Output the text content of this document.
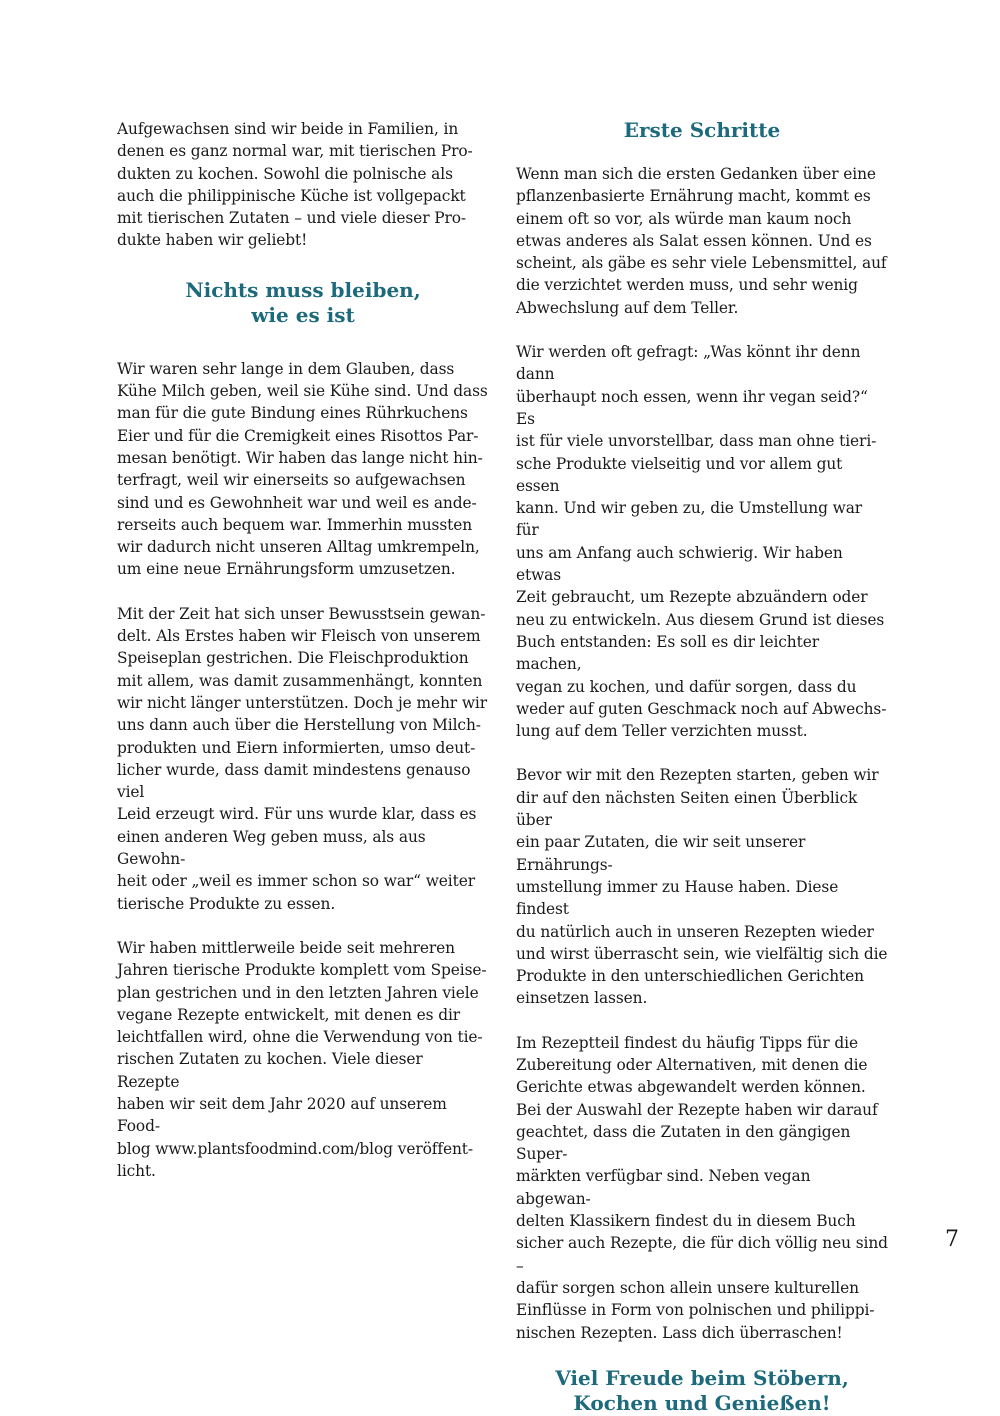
Aufgewachsen sind wir beide in Familien, in
denen es ganz normal war, mit tierischen Pro-
dukten zu kochen. Sowohl die polnische als
auch die philippinische Küche ist vollgepackt
mit tierischen Zutaten – und viele dieser Pro-
dukte haben wir geliebt!

Nichts muss bleiben,
wie es ist

Wir waren sehr lange in dem Glauben, dass
Kühe Milch geben, weil sie Kühe sind. Und dass
man für die gute Bindung eines Rührkuchens
Eier und für die Cremigkeit eines Risottos Par-
mesan benötigt. Wir haben das lange nicht hin-
terfragt, weil wir einerseits so aufgewachsen
sind und es Gewohnheit war und weil es ande-
rerseits auch bequem war. Immerhin mussten
wir dadurch nicht unseren Alltag umkrempeln,
um eine neue Ernährungsform umzusetzen.

Mit der Zeit hat sich unser Bewusstsein gewan-
delt. Als Erstes haben wir Fleisch von unserem
Speiseplan gestrichen. Die Fleischproduktion
mit allem, was damit zusammenhängt, konnten
wir nicht länger unterstützen. Doch je mehr wir
uns dann auch über die Herstellung von Milch-
produkten und Eiern informierten, umso deut-
licher wurde, dass damit mindestens genauso viel
Leid erzeugt wird. Für uns wurde klar, dass es
einen anderen Weg geben muss, als aus Gewohn-
heit oder „weil es immer schon so war“ weiter
tierische Produkte zu essen.

Wir haben mittlerweile beide seit mehreren
Jahren tierische Produkte komplett vom Speise-
plan gestrichen und in den letzten Jahren viele
vegane Rezepte entwickelt, mit denen es dir
leichtfallen wird, ohne die Verwendung von tie-
rischen Zutaten zu kochen. Viele dieser Rezepte
haben wir seit dem Jahr 2020 auf unserem Food-
blog www.plantsfoodmind.com/blog veröffent-
licht.

Erste Schritte

Wenn man sich die ersten Gedanken über eine
pflanzenbasierte Ernährung macht, kommt es
einem oft so vor, als würde man kaum noch
etwas anderes als Salat essen können. Und es
scheint, als gäbe es sehr viele Lebensmittel, auf
die verzichtet werden muss, und sehr wenig
Abwechslung auf dem Teller.

Wir werden oft gefragt: „Was könnt ihr denn dann
überhaupt noch essen, wenn ihr vegan seid?“ Es
ist für viele unvorstellbar, dass man ohne tieri-
sche Produkte vielseitig und vor allem gut essen
kann. Und wir geben zu, die Umstellung war für
uns am Anfang auch schwierig. Wir haben etwas
Zeit gebraucht, um Rezepte abzuändern oder
neu zu entwickeln. Aus diesem Grund ist dieses
Buch entstanden: Es soll es dir leichter machen,
vegan zu kochen, und dafür sorgen, dass du
weder auf guten Geschmack noch auf Abwechs-
lung auf dem Teller verzichten musst.

Bevor wir mit den Rezepten starten, geben wir
dir auf den nächsten Seiten einen Überblick über
ein paar Zutaten, die wir seit unserer Ernährungs-
umstellung immer zu Hause haben. Diese findest
du natürlich auch in unseren Rezepten wieder
und wirst überrascht sein, wie vielfältig sich die
Produkte in den unterschiedlichen Gerichten
einsetzen lassen.

Im Rezeptteil findest du häufig Tipps für die
Zubereitung oder Alternativen, mit denen die
Gerichte etwas abgewandelt werden können.
Bei der Auswahl der Rezepte haben wir darauf
geachtet, dass die Zutaten in den gängigen Super-
märkten verfügbar sind. Neben vegan abgewan-
delten Klassikern findest du in diesem Buch
sicher auch Rezepte, die für dich völlig neu sind –
dafür sorgen schon allein unsere kulturellen
Einflüsse in Form von polnischen und philippi-
nischen Rezepten. Lass dich überraschen!

Viel Freude beim Stöbern,
Kochen und Genießen!
7
